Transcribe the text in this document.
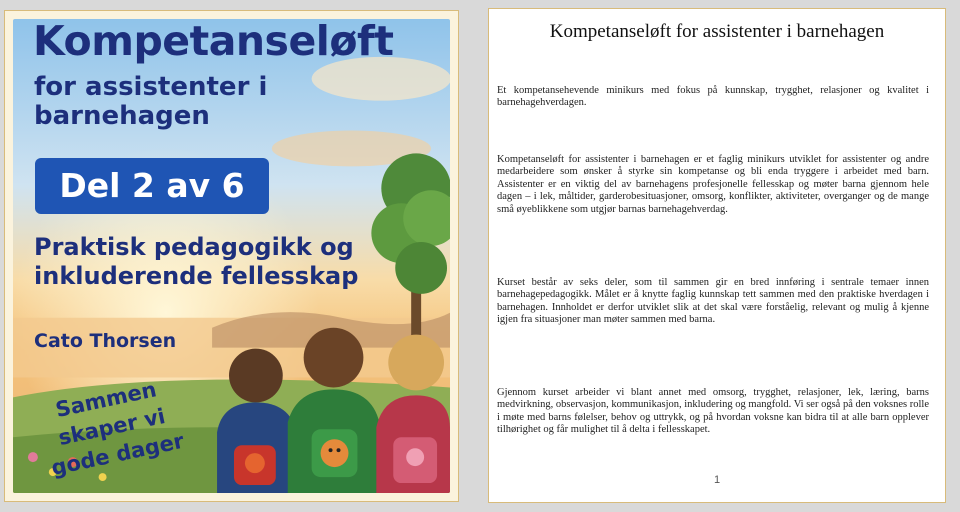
Kompetanseløft
for assistenter i barnehagen
Del 2 av 6
Praktisk pedagogikk og inkluderende fellesskap
Cato Thorsen
Sammen skaper vi gode dager
Kompetanseløft for assistenter i barnehagen

Et kompetansehevende minikurs med fokus på kunnskap, trygghet, relasjoner og kvalitet i barnehagehverdagen.

Kompetanseløft for assistenter i barnehagen er et faglig minikurs utviklet for assistenter og andre medarbeidere som ønsker å styrke sin kompetanse og bli enda tryggere i arbeidet med barn. Assistenter er en viktig del av barnehagens profesjonelle fellesskap og møter barna gjennom hele dagen – i lek, måltider, garderobesituasjoner, omsorg, konflikter, aktiviteter, overganger og de mange små øyeblikkene som utgjør barnas barnehagehverdag.

Kurset består av seks deler, som til sammen gir en bred innføring i sentrale temaer innen barnehagepedagogikk. Målet er å knytte faglig kunnskap tett sammen med den praktiske hverdagen i barnehagen. Innholdet er derfor utviklet slik at det skal være forståelig, relevant og mulig å kjenne igjen fra situasjoner man møter sammen med barna.

Gjennom kurset arbeider vi blant annet med omsorg, trygghet, relasjoner, lek, læring, barns medvirkning, observasjon, kommunikasjon, inkludering og mangfold. Vi ser også på den voksnes rolle i møte med barns følelser, behov og uttrykk, og på hvordan voksne kan bidra til at alle barn opplever tilhørighet og får mulighet til å delta i fellesskapet.

1
